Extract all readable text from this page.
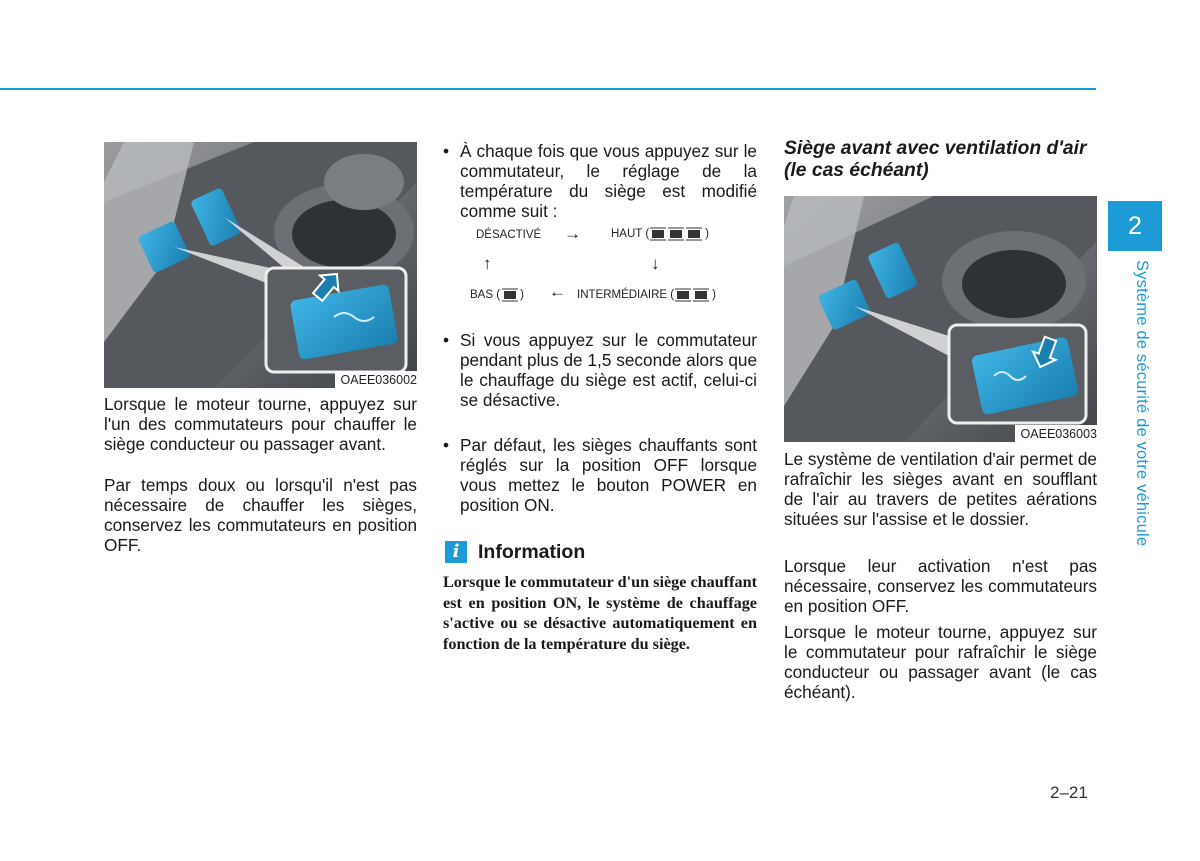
OAEE036002

Lorsque le moteur tourne, appuyez sur l'un des commutateurs pour chauffer le siège conducteur ou passager avant.

Par temps doux ou lorsqu'il n'est pas nécessaire de chauffer les sièges, conservez les commutateurs en position OFF.

• À chaque fois que vous appuyez sur le commutateur, le réglage de la température du siège est modifié comme suit :
DÉSACTIVÉ →	HAUT (	)
↑	↓
BAS ( ) ← INTERMÉDIAIRE (	)
• Si vous appuyez sur le commutateur pendant plus de 1,5 seconde alors que le chauffage du siège est actif, celui-ci se désactive.
• Par défaut, les sièges chauffants sont réglés sur la position OFF lorsque vous mettez le bouton POWER en position ON.
i Information

Lorsque le commutateur d'un siège chauffant est en position ON, le système de chauffage s'active ou se désactive automatiquement en fonction de la température du siège.

Siège avant avec ventilation d'air (le cas échéant)
OAEE036003

Le système de ventilation d'air permet de rafraîchir les sièges avant en soufflant de l'air au travers de petites aérations situées sur l'assise et le dossier.

Lorsque leur activation n'est pas nécessaire, conservez les commutateurs en position OFF.

Lorsque le moteur tourne, appuyez sur le commutateur pour rafraîchir le siège conducteur ou passager avant (le cas échéant).

2
Système de sécurité de votre véhicule
2–21
